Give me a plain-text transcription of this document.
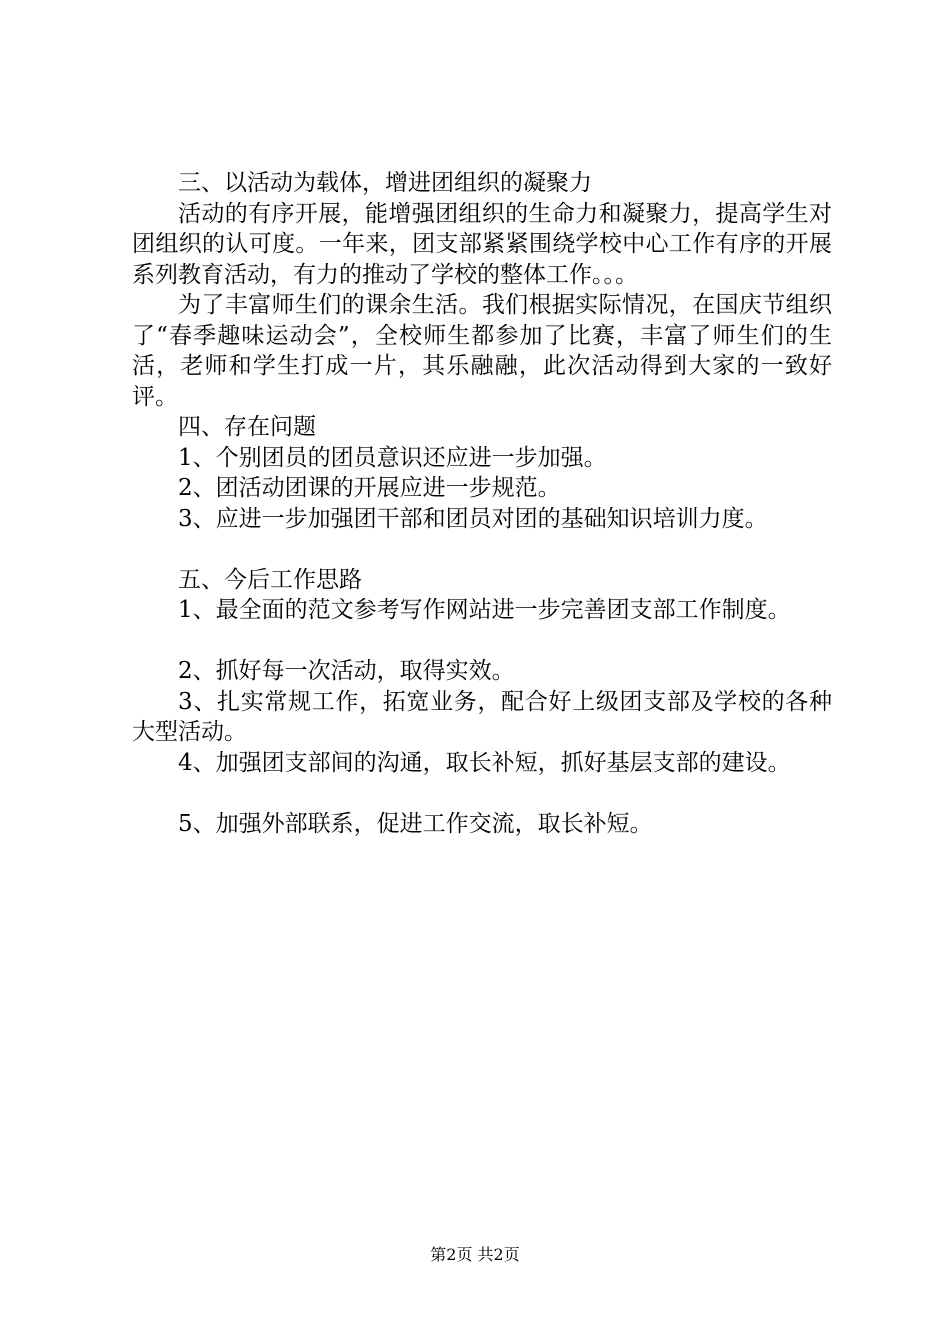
三、以活动为载体，增进团组织的凝聚力

活动的有序开展，能增强团组织的生命力和凝聚力，提高学生对团组织的认可度。一年来，团支部紧紧围绕学校中心工作有序的开展系列教育活动，有力的推动了学校的整体工作。。。

为了丰富师生们的课余生活。我们根据实际情况，在国庆节组织了“春季趣味运动会”，全校师生都参加了比赛，丰富了师生们的生活，老师和学生打成一片，其乐融融，此次活动得到大家的一致好评。

四、存在问题

1、个别团员的团员意识还应进一步加强。

2、团活动团课的开展应进一步规范。

3、应进一步加强团干部和团员对团的基础知识培训力度。

五、今后工作思路

1、最全面的范文参考写作网站进一步完善团支部工作制度。

2、抓好每一次活动，取得实效。

3、扎实常规工作，拓宽业务，配合好上级团支部及学校的各种大型活动。

4、加强团支部间的沟通，取长补短，抓好基层支部的建设。

5、加强外部联系，促进工作交流，取长补短。

第2页 共2页
